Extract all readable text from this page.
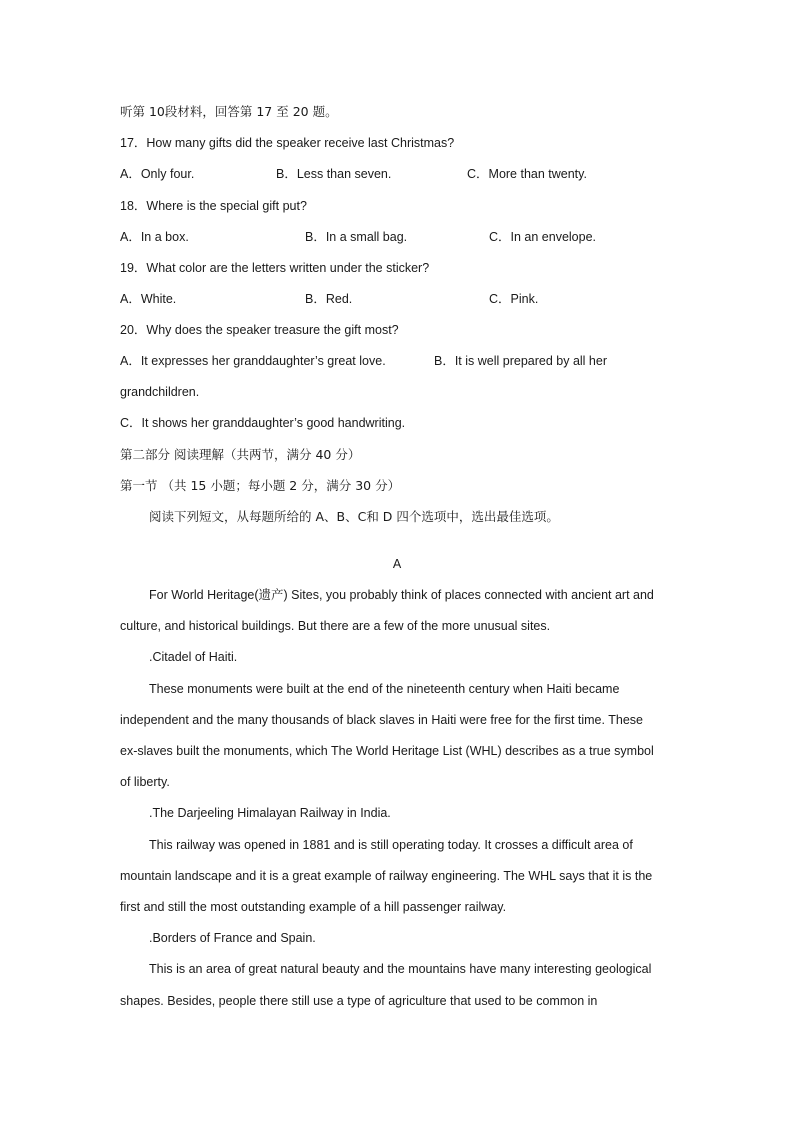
听第 10段材料，回答第 17 至 20 题。
17．How many gifts did the speaker receive last Christmas?
A．Only four.	B．Less than seven.	C．More than twenty.
18．Where is the special gift put?
A．In a box.	B．In a small bag.	C．In an envelope.
19．What color are the letters written under the sticker?
A．White.	B．Red.	C．Pink.
20．Why does the speaker treasure the gift most?
A．It expresses her granddaughter’s great love.	B．It is well prepared by all her
grandchildren.
C．It shows her granddaughter’s good handwriting.
第二部分 阅读理解（共两节，满分 40 分）
第一节 （共 15 小题；每小题 2 分，满分 30 分）
阅读下列短文，从每题所给的 A、B、C和 D 四个选项中，选出最佳选项。
A
For World Heritage(遗产) Sites, you probably think of places connected with ancient art and
culture, and historical buildings. But there are a few of the more unusual sites.
.Citadel of Haiti.
These monuments were built at the end of the nineteenth century when Haiti became
independent and the many thousands of black slaves in Haiti were free for the first time. These
ex-slaves built the monuments, which The World Heritage List (WHL) describes as a true symbol
of liberty.
.The Darjeeling Himalayan Railway in India.
This railway was opened in 1881 and is still operating today. It crosses a difficult area of
mountain landscape and it is a great example of railway engineering. The WHL says that it is the
first and still the most outstanding example of a hill passenger railway.
.Borders of France and Spain.
This is an area of great natural beauty and the mountains have many interesting geological
shapes. Besides, people there still use a type of agriculture that used to be common in
